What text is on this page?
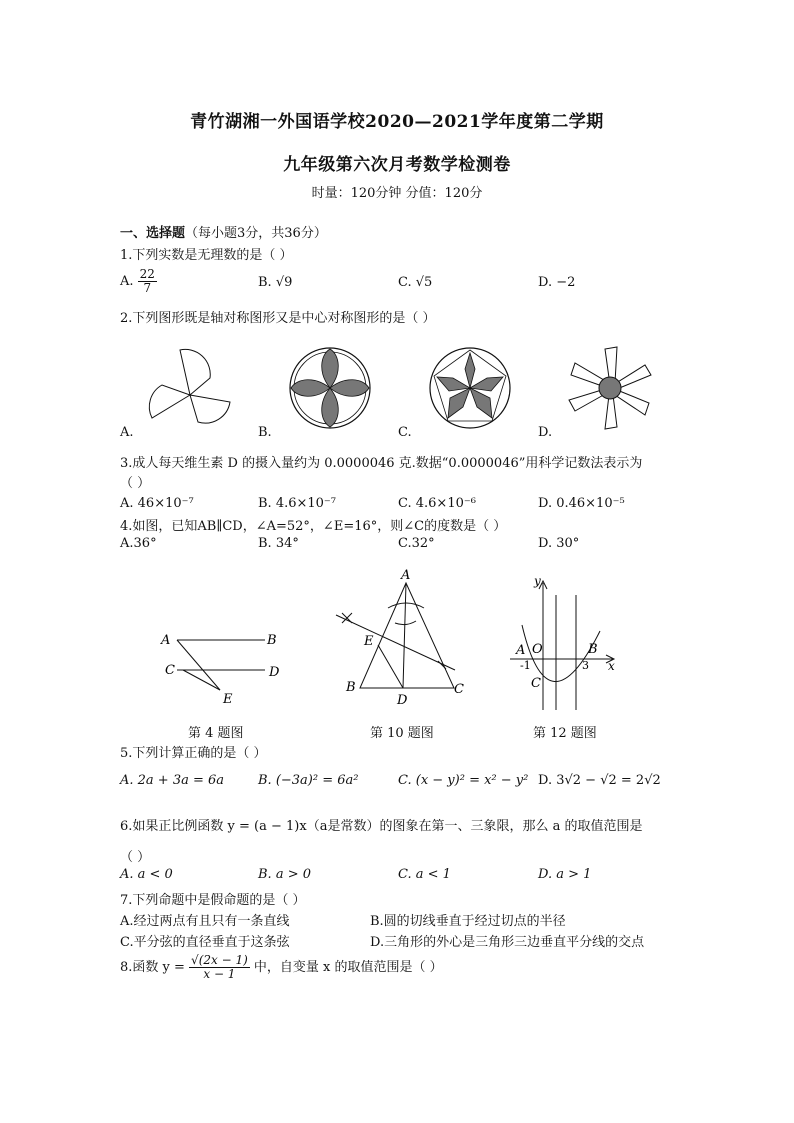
青竹湖湘一外国语学校2020—2021学年度第二学期
九年级第六次月考数学检测卷
时量：120分钟 分值：120分
一、选择题（每小题3分，共36分）
1.下列实数是无理数的是（ ）
A. $\frac{22}{7}$	B. √9	C. √5	D. −2
2.下列图形既是轴对称图形又是中心对称图形的是（ ）
A.	B.	C.	D.
3.成人每天维生素 D 的摄入量约为 0.0000046 克.数据“0.0000046”用科学记数法表示为
（ ）
A. 46×10⁻⁷	B. 4.6×10⁻⁷	C. 4.6×10⁻⁶	D. 0.46×10⁻⁵
4.如图，已知AB∥CD，∠A=52°，∠E=16°，则∠C的度数是（ ）
A.36°	B. 34°	C.32°	D. 30°
A	B
C	D
E
第 4 题图
A
B	C
D
E
第 10 题图
y
x
O
A	B
C
-1	3
第 12 题图
5.下列计算正确的是（ ）
A. 2a + 3a = 6a	B. (−3a)² = 6a²	C. (x − y)² = x² − y² D. 3√2 − √2 = 2√2
6.如果正比例函数 y = (a − 1)x（a是常数）的图象在第一、三象限，那么 a 的取值范围是
（ ）
A. a < 0	B. a > 0	C. a < 1	D. a > 1
7.下列命题中是假命题的是（ ）
A.经过两点有且只有一条直线	B.圆的切线垂直于经过切点的半径
C.平分弦的直径垂直于这条弦	D.三角形的外心是三角形三边垂直平分线的交点
8.函数 $y = \frac{√(2x - 1)}{x - 1}$ 中，自变量 x 的取值范围是（ ）
